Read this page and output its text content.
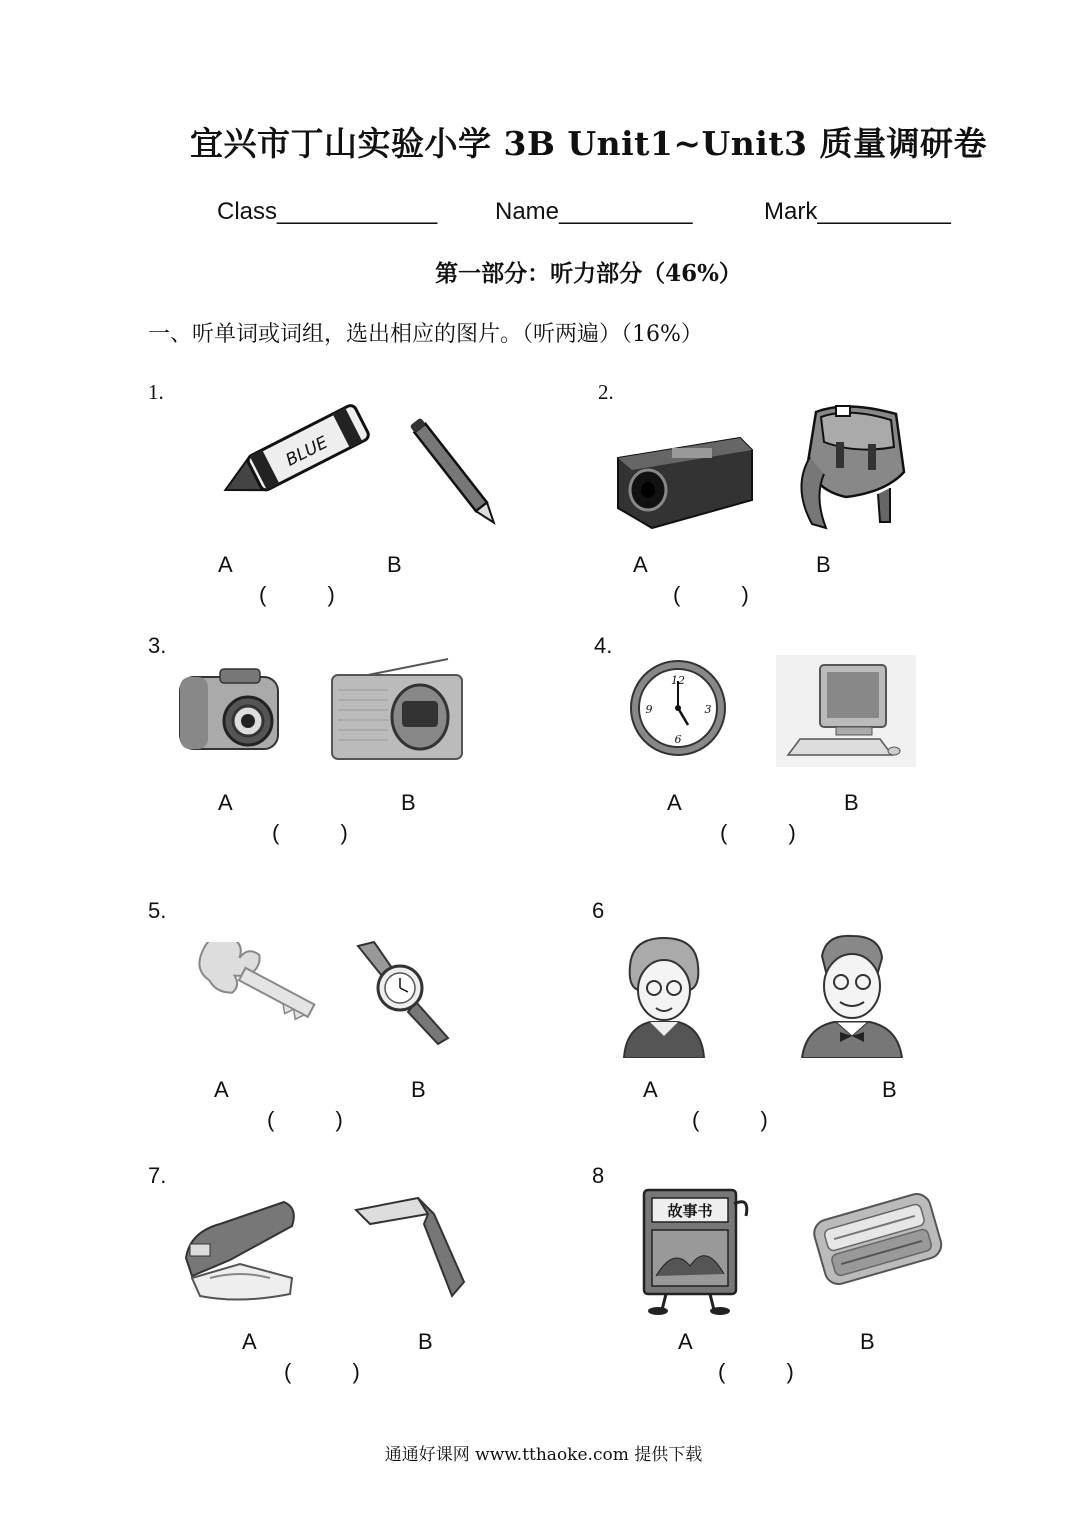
宜兴市丁山实验小学 3B Unit1~Unit3 质量调研卷
Class____________ Name__________	Mark__________
第一部分：听力部分（46%）
一、听单词或词组，选出相应的图片。（听两遍）（16%）
1.
BLUE
A	B
(          )
2.
A	B
(          )
3.
A	B
(          )
4.
12
3
6
9
A	B
(          )
5.
A	B
(          )
6
A	B
(          )
7.
A	B
(          )
8
故事书
A	B
(          )
通通好课网 www.tthaoke.com 提供下载
